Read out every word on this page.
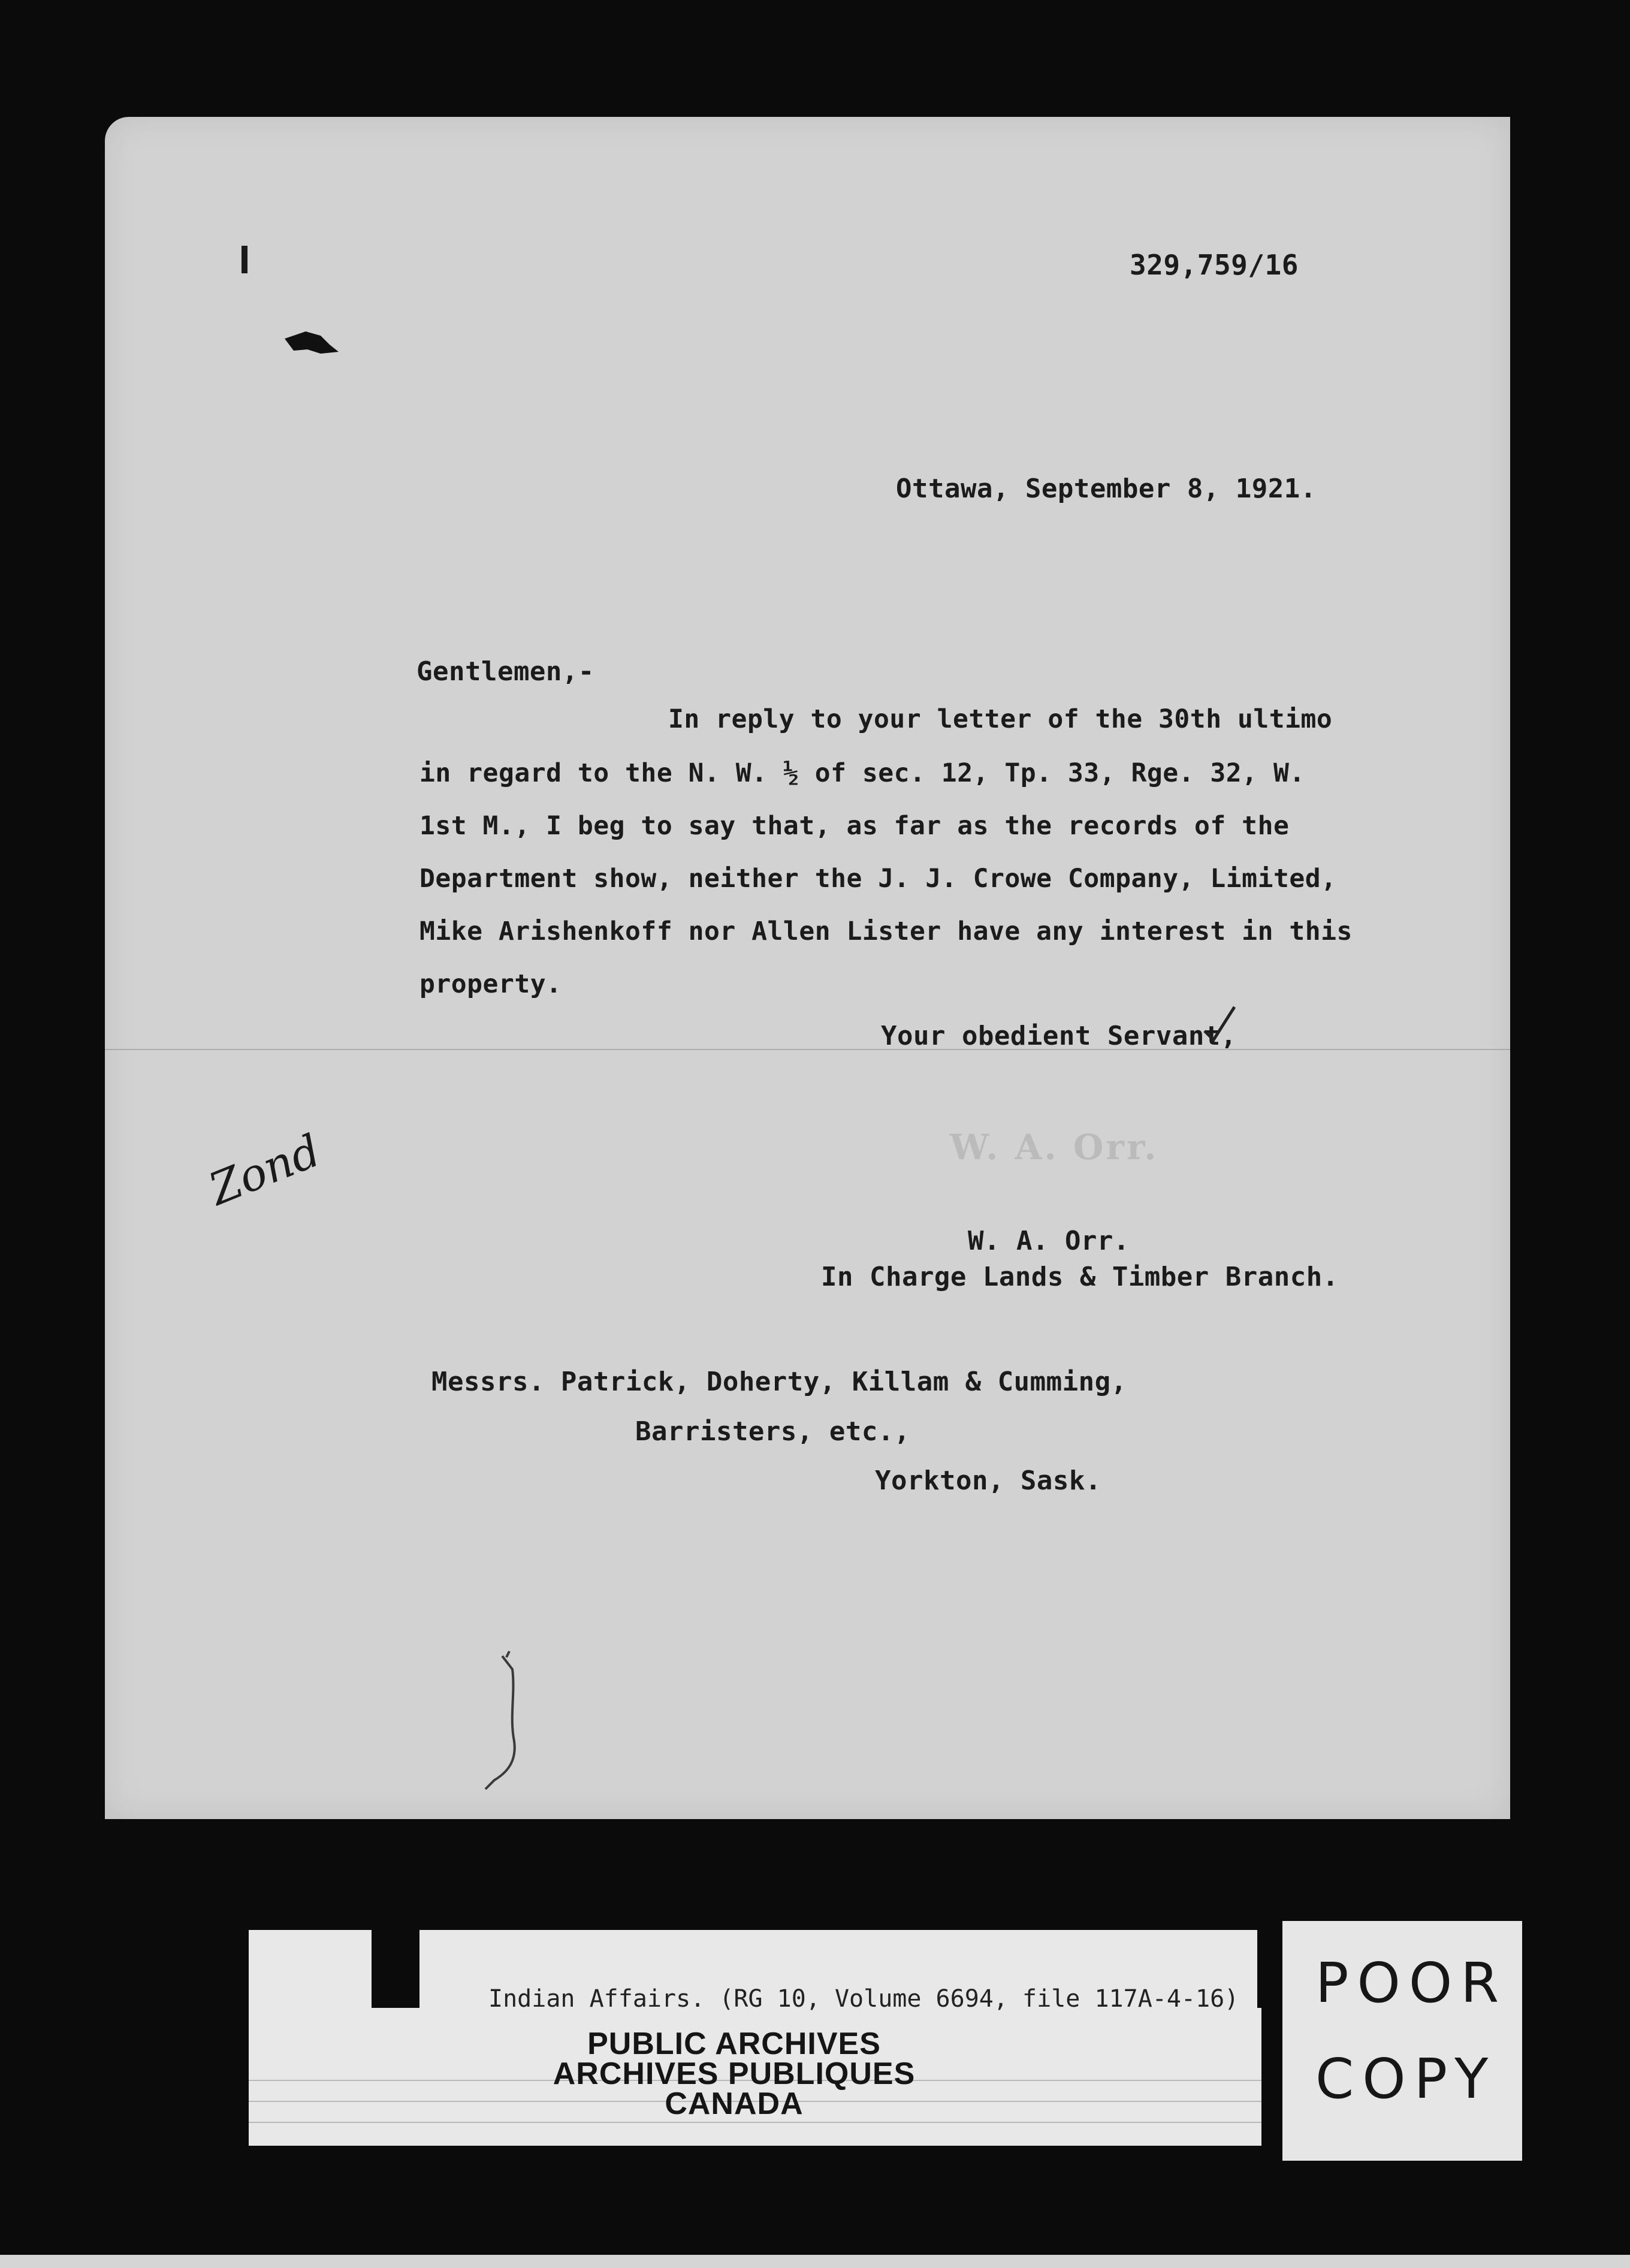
329,759/16
Ottawa, September 8, 1921.
Gentlemen,-
In reply to your letter of the 30th ultimo
in regard to the N. W. ½ of sec. 12, Tp. 33, Rge. 32, W.
1st M., I beg to say that, as far as the records of the
Department show, neither the J. J. Crowe Company, Limited,
Mike Arishenkoff nor Allen Lister have any interest in this
property.
Your obedient Servant,
W. A. Orr.
W. A. Orr.
In Charge Lands & Timber Branch.
Messrs. Patrick, Doherty, Killam & Cumming,
Barristers, etc.,
Yorkton, Sask.
Zond
Indian Affairs. (RG 10, Volume 6694, file 117A-4-16)
PUBLIC ARCHIVES
ARCHIVES PUBLIQUES
CANADA
POOR
COPY
